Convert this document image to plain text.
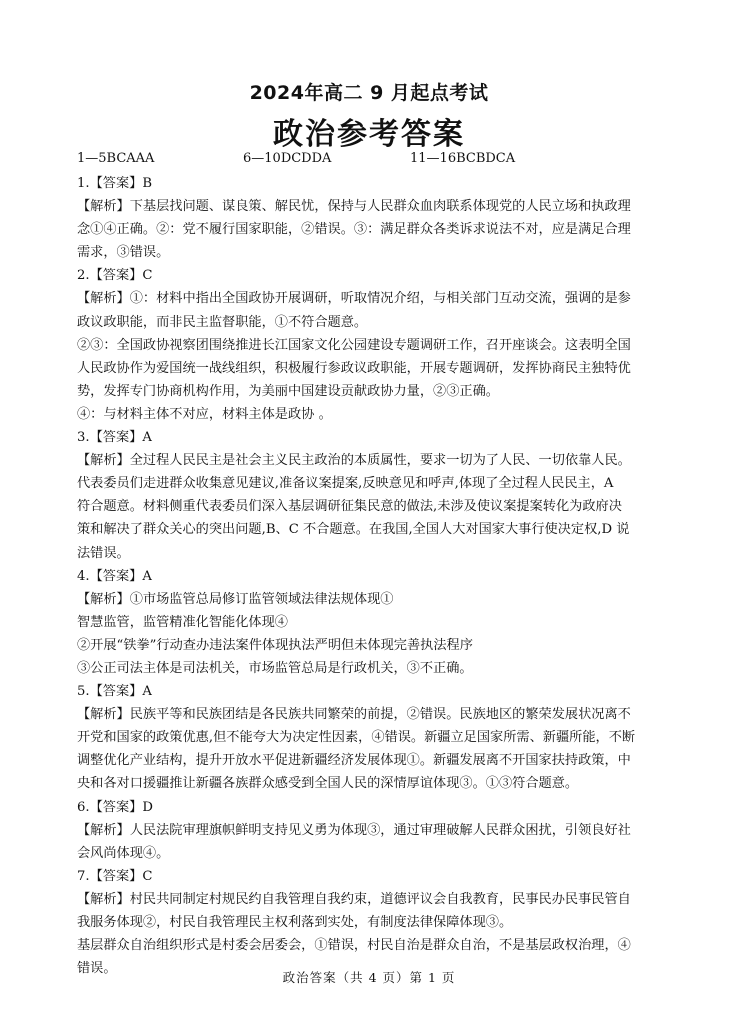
2024年高二 9 月起点考试
政治参考答案
1—5BCAAA	6—10DCDDA	11—16BCBDCA
1.【答案】B
【解析】下基层找问题、谋良策、解民忧，保持与人民群众血肉联系体现党的人民立场和执政理
念①④正确。②：党不履行国家职能，②错误。③：满足群众各类诉求说法不对，应是满足合理
需求，③错误。
2.【答案】C
【解析】①：材料中指出全国政协开展调研，听取情况介绍，与相关部门互动交流，强调的是参
政议政职能，而非民主监督职能，①不符合题意。
②③：全国政协视察团围绕推进长江国家文化公园建设专题调研工作，召开座谈会。这表明全国
人民政协作为爱国统一战线组织，积极履行参政议政职能，开展专题调研，发挥协商民主独特优
势，发挥专门协商机构作用，为美丽中国建设贡献政协力量，②③正确。
④：与材料主体不对应，材料主体是政协 。
3.【答案】A
【解析】全过程人民民主是社会主义民主政治的本质属性，要求一切为了人民、一切依靠人民。
代表委员们走进群众收集意见建议,准备议案提案,反映意见和呼声,体现了全过程人民民主，A
符合题意。材料侧重代表委员们深入基层调研征集民意的做法,未涉及使议案提案转化为政府决
策和解决了群众关心的突出问题,B、C 不合题意。在我国,全国人大对国家大事行使决定权,D 说
法错误。
4.【答案】A
【解析】①市场监管总局修订监管领域法律法规体现①
智慧监管，监管精准化智能化体现④
②开展“铁拳”行动查办违法案件体现执法严明但未体现完善执法程序
③公正司法主体是司法机关，市场监管总局是行政机关，③不正确。
5.【答案】A
【解析】民族平等和民族团结是各民族共同繁荣的前提，②错误。民族地区的繁荣发展状况离不
开党和国家的政策优惠,但不能夸大为决定性因素，④错误。新疆立足国家所需、新疆所能，不断
调整优化产业结构，提升开放水平促进新疆经济发展体现①。新疆发展离不开国家扶持政策，中
央和各对口援疆推让新疆各族群众感受到全国人民的深情厚谊体现③。①③符合题意。
6.【答案】D
【解析】人民法院审理旗帜鲜明支持见义勇为体现③，通过审理破解人民群众困扰，引领良好社
会风尚体现④。
7.【答案】C
【解析】村民共同制定村规民约自我管理自我约束，道德评议会自我教育，民事民办民事民管自
我服务体现②，村民自我管理民主权利落到实处，有制度法律保障体现③。
基层群众自治组织形式是村委会居委会，①错误，村民自治是群众自治，不是基层政权治理，④
错误。
政治答案（共 4 页）第 1 页
